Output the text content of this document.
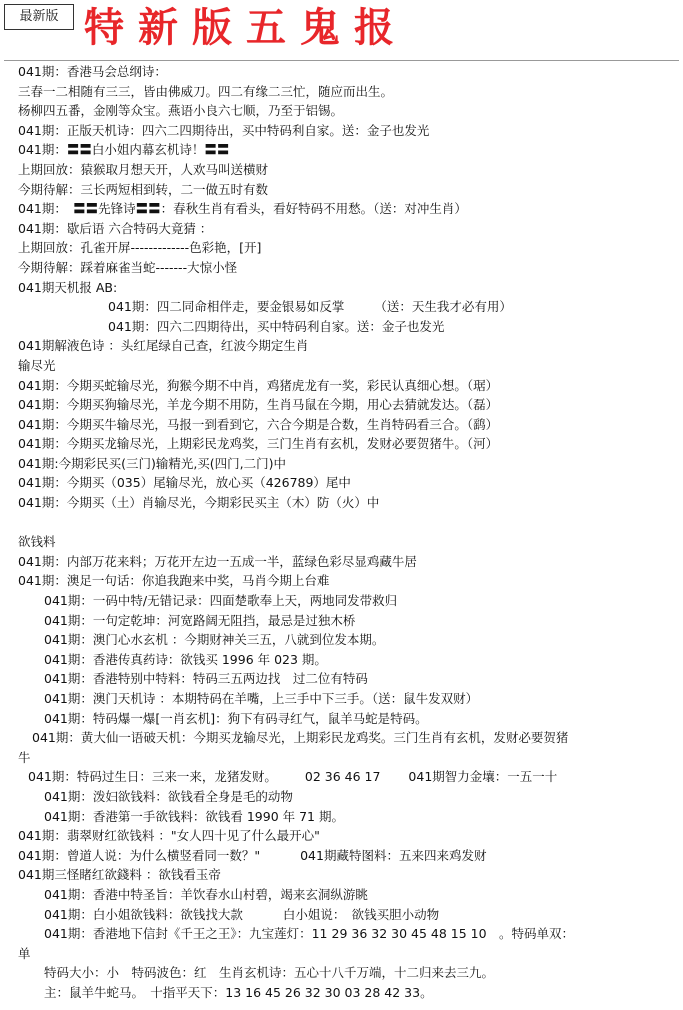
最新版 特新版五鬼报
041期：香港马会总纲诗：
三春一二相随有三三，皆由佛威刀。四二有缘二三忙，随应而出生。
杨柳四五番，金刚等众宝。燕语小良六七顺，乃至于铝锡。
041期：正版天机诗：四六二四期待出，买中特码利自家。送：金子也发光
041期：〓〓白小姐内幕玄机诗！〓〓
上期回放：猿猴取月想天开，人欢马叫送横财
今期待解：三长两短相到转，二一做五时有数
041期：　〓〓先锋诗〓〓：春秋生肖有看头，看好特码不用愁。（送：对冲生肖）
041期：歇后语 六合特码大竟猜 ：
上期回放：孔雀开屏-------------色彩艳，[开]
今期待解：踩着麻雀当蛇-------大惊小怪
041期天机报 AB:
041期：四二同命相伴走，要金银易如反掌 （送：天生我才必有用）
041期：四六二四期待出，买中特码利自家。送：金子也发光
041期解液色诗 ：头红尾绿自己查，红波今期定生肖
输尽光
041期：今期买蛇输尽光，狗猴今期不中肖，鸡猪虎龙有一奖，彩民认真细心想。（琚）
041期：今期买狗输尽光，羊龙今期不用防，生肖马鼠在今期，用心去猜就发达。（磊）
041期：今期买牛输尽光，马报一到看到它，六合今期是合数，生肖特码看三合。（鹞）
041期：今期买龙输尽光，上期彩民龙鸡奖，三门生肖有玄机，发财必要贺猪牛。（河）
041期:今期彩民买(三门)输精光,买(四门,二门)中
041期：今期买（035）尾输尽光，放心买（426789）尾中
041期：今期买（土）肖输尽光，今期彩民买主（木）防（火）中
欲钱料
041期：内部万花来料；万花开左边一五成一半，蓝绿色彩尽显鸡藏牛居
041期：澳足一句话：你追我跑来中奖，马肖今期上台难
041期：一码中特/无错记录：四面楚歌奉上天，两地同发带救归
041期：一句定乾坤：河宽路阔无阻挡，最忌是过独木桥
041期：澳门心水玄机 ：今期财神关三五，八就到位发本期。
041期：香港传真药诗：欲钱买 1996 年 023 期。
041期：香港特别中特料：特码三五两边找　过二位有特码
041期：澳门天机诗 ：本期特码在羊嘴，上三手中下三手。（送：鼠牛发双财）
041期：特码爆一爆[一肖玄机]：狗下有码寻红气，鼠羊马蛇是特码。
041期：黄大仙一语破天机：今期买龙输尽光，上期彩民龙鸡奖。三门生肖有玄机，发财必要贺猪
牛
041期：特码过生日：三来一来，龙猪发财。 02 36 46 17 041期智力金壤：一五一十
041期：泼妇欲钱料：欲钱看全身是毛的动物
041期：香港第一手欲钱料：欲钱看 1990 年 71 期。
041期：翡翠财红欲钱料 ："女人四十见了什么最开心"
041期：曾道人说：为什么横竖看同一数？"	041期藏特图料：五来四来鸡发财
041期三怪睹红欲錢料 ：欲钱看玉帝
041期：香港中特圣旨：羊饮春水山村碧，竭来玄洞纵游眺
041期：白小姐欲钱料：欲钱找大款	白小姐说：　欲钱买胆小动物
041期：香港地下信封《千王之王》：九宝莲灯：11 29 36 32 30 45 48 15 10　。特码单双：
单
特码大小：小　特码波色：红　生肖玄机诗：五心十八千万端，十二归来去三九。
主：鼠羊牛蛇马。　十指平天下：13 16 45 26 32 30 03 28 42 33。
